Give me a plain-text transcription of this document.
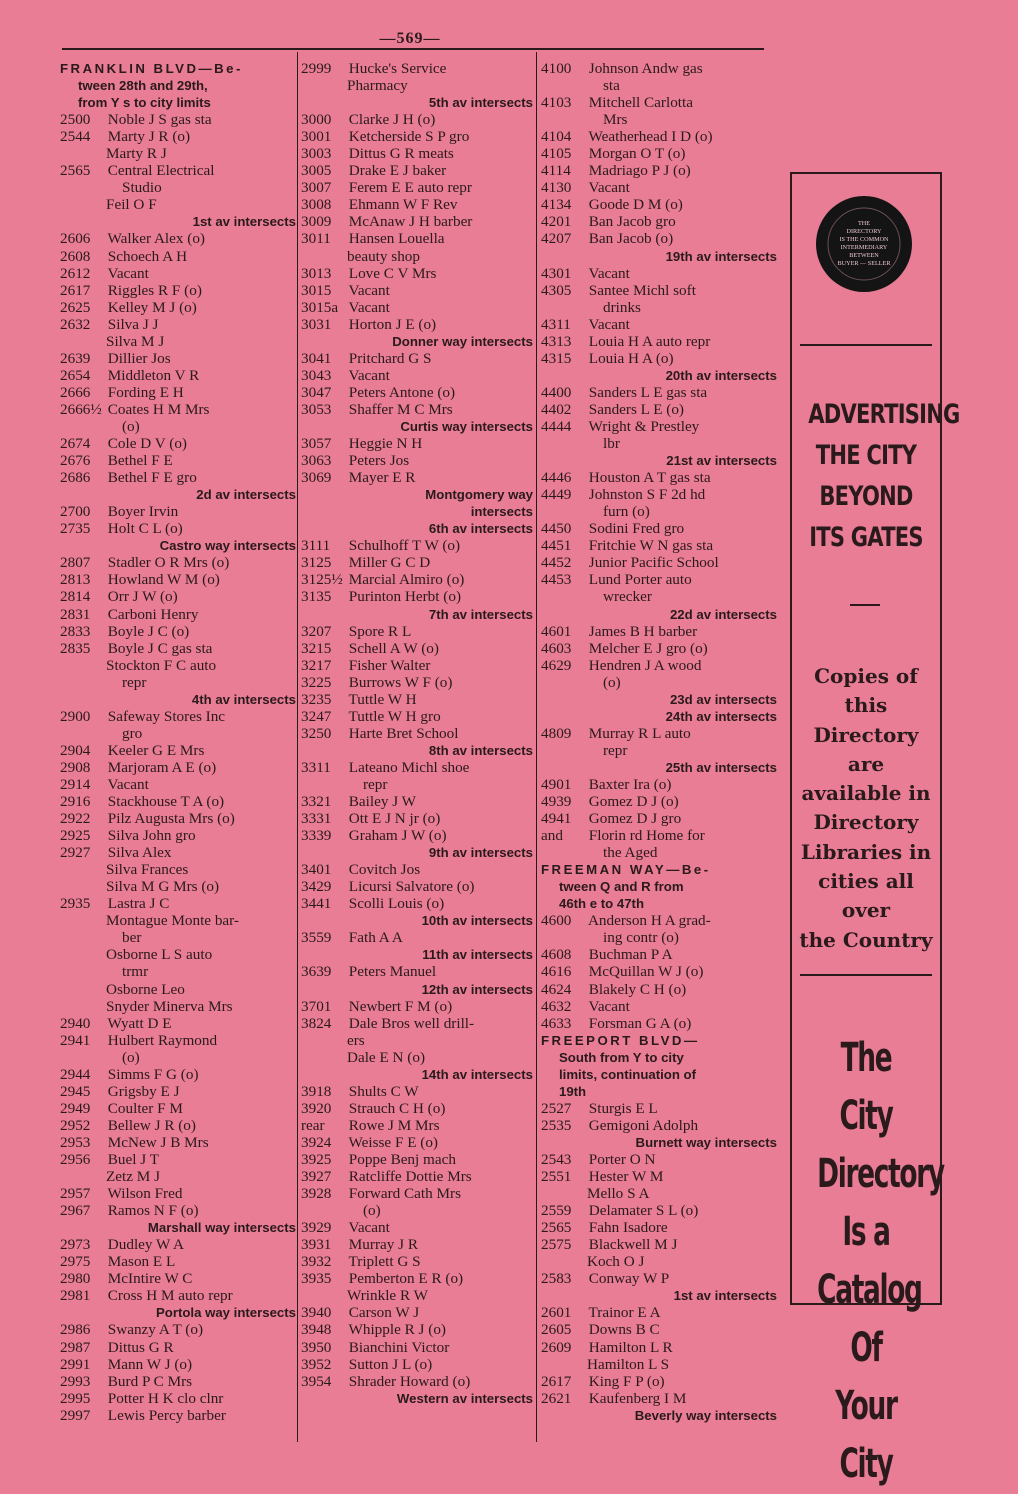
—569—
FRANKLIN BLVD—Be-
tween 28th and 29th,
from Y s to city limits
2500 Noble J S gas sta
2544 Marty J R (o)
Marty R J
2565 Central Electrical
Studio
Feil O F
1st av intersects
2606 Walker Alex (o)
2608 Schoech A H
2612 Vacant
2617 Riggles R F (o)
2625 Kelley M J (o)
2632 Silva J J
Silva M J
2639 Dillier Jos
2654 Middleton V R
2666 Fording E H
2666½ Coates H M Mrs
(o)
2674 Cole D V (o)
2676 Bethel F E
2686 Bethel F E gro
2d av intersects
2700 Boyer Irvin
2735 Holt C L (o)
Castro way intersects
2807 Stadler O R Mrs (o)
2813 Howland W M (o)
2814 Orr J W (o)
2831 Carboni Henry
2833 Boyle J C (o)
2835 Boyle J C gas sta
Stockton F C auto
repr
4th av intersects
2900 Safeway Stores Inc
gro
2904 Keeler G E Mrs
2908 Marjoram A E (o)
2914 Vacant
2916 Stackhouse T A (o)
2922 Pilz Augusta Mrs (o)
2925 Silva John gro
2927 Silva Alex
Silva Frances
Silva M G Mrs (o)
2935 Lastra J C
Montague Monte bar-
ber
Osborne L S auto
trmr
Osborne Leo
Snyder Minerva Mrs
2940 Wyatt D E
2941 Hulbert Raymond
(o)
2944 Simms F G (o)
2945 Grigsby E J
2949 Coulter F M
2952 Bellew J R (o)
2953 McNew J B Mrs
2956 Buel J T
Zetz M J
2957 Wilson Fred
2967 Ramos N F (o)
Marshall way intersects
2973 Dudley W A
2975 Mason E L
2980 McIntire W C
2981 Cross H M auto repr
Portola way intersects
2986 Swanzy A T (o)
2987 Dittus G R
2991 Mann W J (o)
2993 Burd P C Mrs
2995 Potter H K clo clnr
2997 Lewis Percy barber
2999 Hucke's Service
Pharmacy
5th av intersects
3000 Clarke J H (o)
3001 Ketcherside S P gro
3003 Dittus G R meats
3005 Drake E J baker
3007 Ferem E E auto repr
3008 Ehmann W F Rev
3009 McAnaw J H barber
3011 Hansen Louella
beauty shop
3013 Love C V Mrs
3015 Vacant
3015a Vacant
3031 Horton J E (o)
Donner way intersects
3041 Pritchard G S
3043 Vacant
3047 Peters Antone (o)
3053 Shaffer M C Mrs
Curtis way intersects
3057 Heggie N H
3063 Peters Jos
3069 Mayer E R
Montgomery way
intersects
6th av intersects
3111 Schulhoff T W (o)
3125 Miller G C D
3125½ Marcial Almiro (o)
3135 Purinton Herbt (o)
7th av intersects
3207 Spore R L
3215 Schell A W (o)
3217 Fisher Walter
3225 Burrows W F (o)
3235 Tuttle W H
3247 Tuttle W H gro
3250 Harte Bret School
8th av intersects
3311 Lateano Michl shoe
repr
3321 Bailey J W
3331 Ott E J N jr (o)
3339 Graham J W (o)
9th av intersects
3401 Covitch Jos
3429 Licursi Salvatore (o)
3441 Scolli Louis (o)
10th av intersects
3559 Fath A A
11th av intersects
3639 Peters Manuel
12th av intersects
3701 Newbert F M (o)
3824 Dale Bros well drill-
ers
Dale E N (o)
14th av intersects
3918 Shults C W
3920 Strauch C H (o)
rear Rowe J M Mrs
3924 Weisse F E (o)
3925 Poppe Benj mach
3927 Ratcliffe Dottie Mrs
3928 Forward Cath Mrs
(o)
3929 Vacant
3931 Murray J R
3932 Triplett G S
3935 Pemberton E R (o)
Wrinkle R W
3940 Carson W J
3948 Whipple R J (o)
3950 Bianchini Victor
3952 Sutton J L (o)
3954 Shrader Howard (o)
Western av intersects
4100 Johnson Andw gas
sta
4103 Mitchell Carlotta
Mrs
4104 Weatherhead I D (o)
4105 Morgan O T (o)
4114 Madriago P J (o)
4130 Vacant
4134 Goode D M (o)
4201 Ban Jacob gro
4207 Ban Jacob (o)
19th av intersects
4301 Vacant
4305 Santee Michl soft
drinks
4311 Vacant
4313 Louia H A auto repr
4315 Louia H A (o)
20th av intersects
4400 Sanders L E gas sta
4402 Sanders L E (o)
4444 Wright & Prestley
lbr
21st av intersects
4446 Houston A T gas sta
4449 Johnston S F 2d hd
furn (o)
4450 Sodini Fred gro
4451 Fritchie W N gas sta
4452 Junior Pacific School
4453 Lund Porter auto
wrecker
22d av intersects
4601 James B H barber
4603 Melcher E J gro (o)
4629 Hendren J A wood
(o)
23d av intersects
24th av intersects
4809 Murray R L auto
repr
25th av intersects
4901 Baxter Ira (o)
4939 Gomez D J (o)
4941 Gomez D J gro
and Florin rd Home for
the Aged
FREEMAN WAY—Be-
tween Q and R from
46th e to 47th
4600 Anderson H A grad-
ing contr (o)
4608 Buchman P A
4616 McQuillan W J (o)
4624 Blakely C H (o)
4632 Vacant
4633 Forsman G A (o)
FREEPORT BLVD—
South from Y to city
limits, continuation of
19th
2527 Sturgis E L
2535 Gemigoni Adolph
Burnett way intersects
2543 Porter O N
2551 Hester W M
Mello S A
2559 Delamater S L (o)
2565 Fahn Isadore
2575 Blackwell M J
Koch O J
2583 Conway W P
1st av intersects
2601 Trainor E A
2605 Downs B C
2609 Hamilton L R
Hamilton L S
2617 King F P (o)
2621 Kaufenberg I M
Beverly way intersects
THE
DIRECTORY
IS THE COMMON
INTERMEDIARY
BETWEEN
BUYER — SELLER
ADVERTISING
THE CITY
BEYOND
ITS GATES
Copies of
this
Directory are
available in
Directory
Libraries in
cities all
over
the Country
The City
Directory
Is a
Catalog Of
Your City
